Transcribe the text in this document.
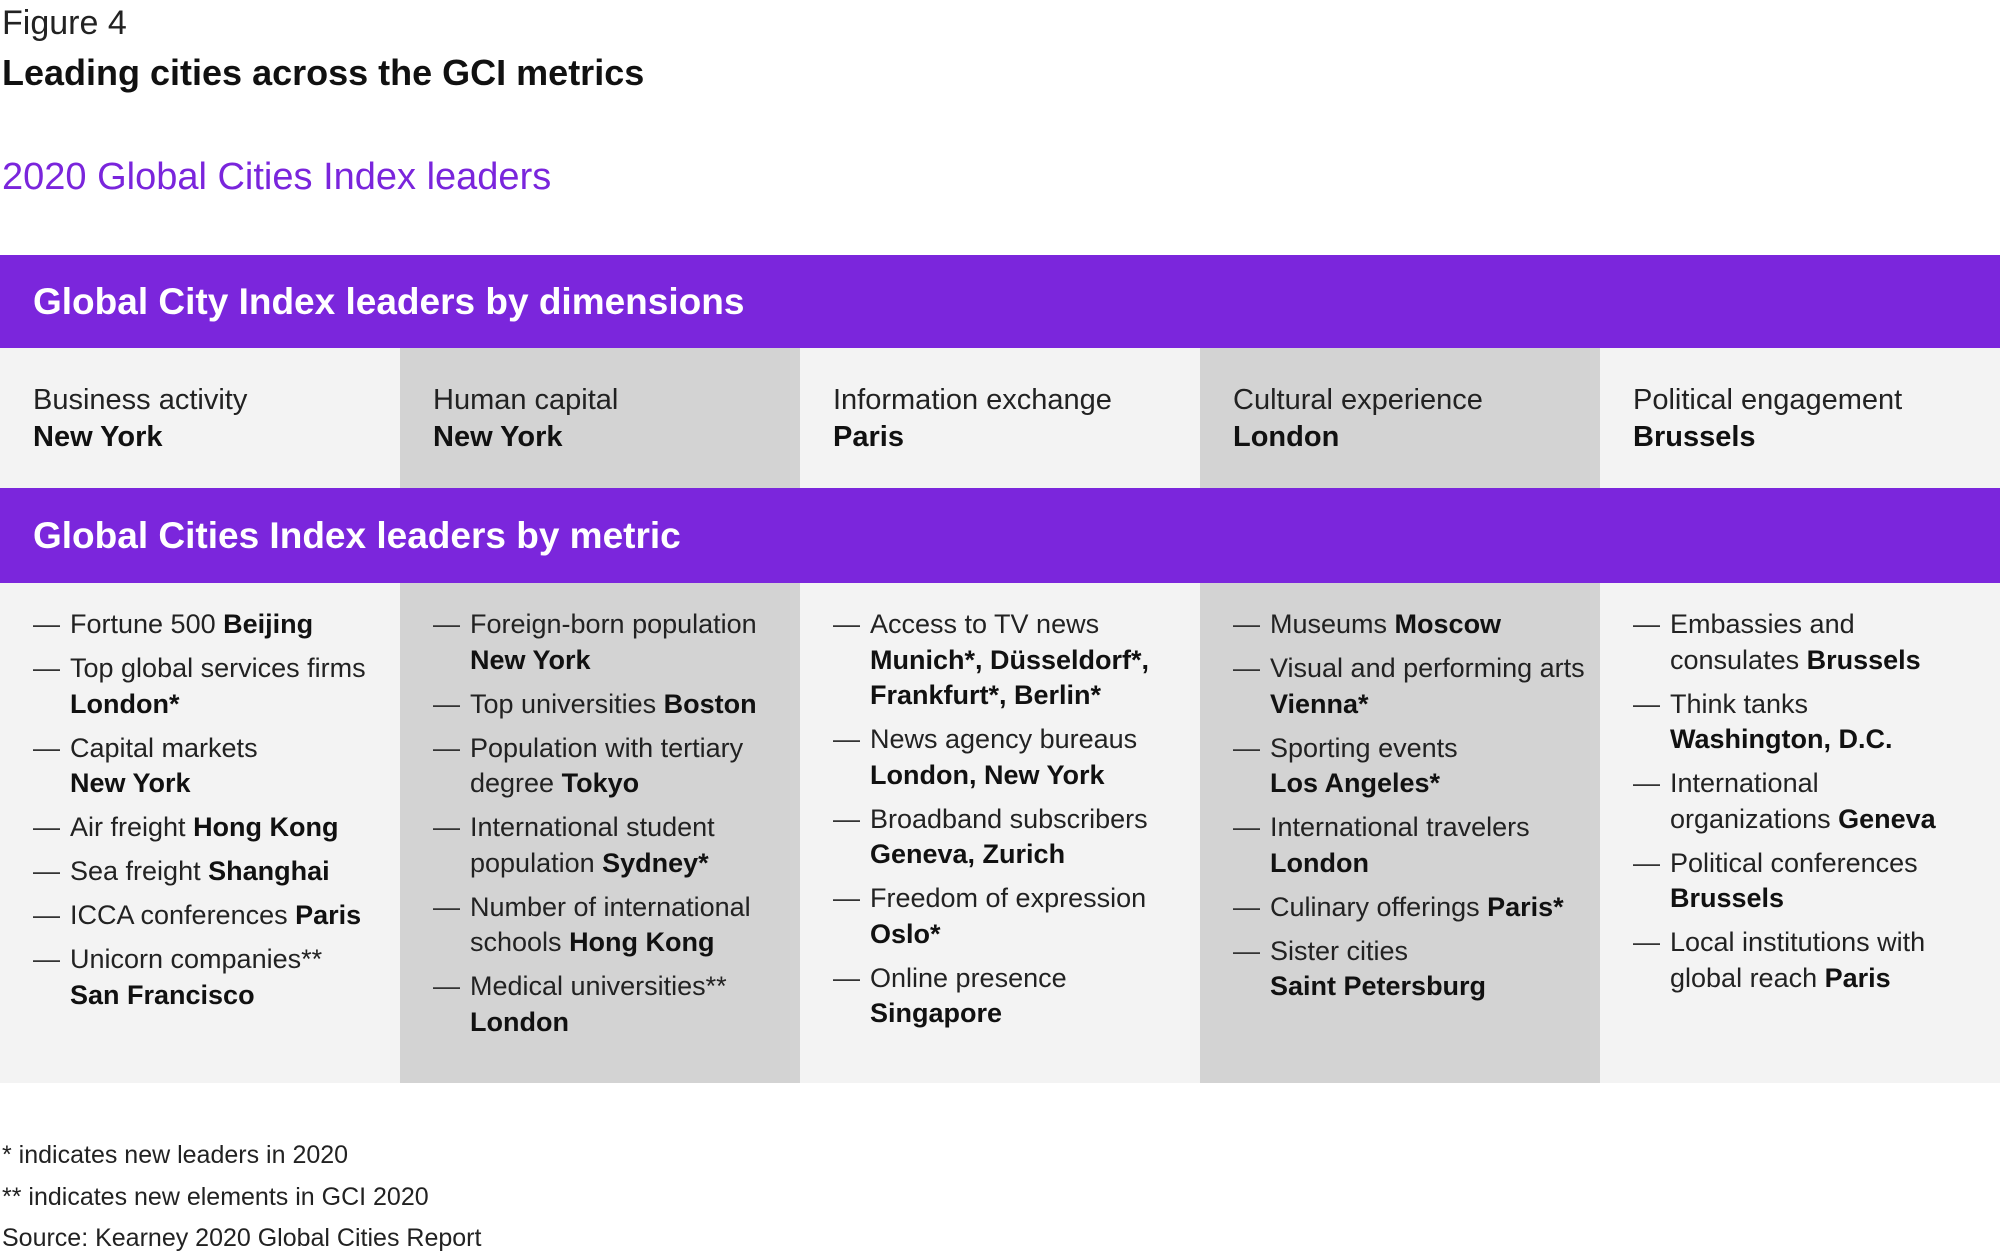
Figure 4
Leading cities across the GCI metrics
2020 Global Cities Index leaders
Global City Index leaders by dimensions
Business activity
New York
Human capital
New York
Information exchange
Paris
Cultural experience
London
Political engagement
Brussels
Global Cities Index leaders by metric
— Fortune 500 Beijing
— Top global services firms  London*
— Capital markets
New York
— Air freight Hong Kong
— Sea freight Shanghai
— ICCA conferences Paris
— Unicorn companies**
San Francisco
— Foreign-born population
New York
— Top universities Boston
— Population with tertiary degree Tokyo
— International student population Sydney*
— Number of international schools Hong Kong
— Medical universities**
London
— Access to TV news
Munich*, Düsseldorf*, Frankfurt*, Berlin*
— News agency bureaus
London, New York
— Broadband subscribers
Geneva, Zurich
— Freedom of expression
Oslo*
— Online presence
Singapore
— Museums Moscow
— Visual and performing arts Vienna*
— Sporting events
Los Angeles*
— International travelers
London
— Culinary offerings Paris*
— Sister cities
Saint Petersburg
— Embassies and consulates Brussels
— Think tanks
Washington, D.C.
— International organizations Geneva
— Political conferences
Brussels
— Local institutions with global reach Paris
* indicates new leaders in 2020
** indicates new elements in GCI 2020
Source: Kearney 2020 Global Cities Report
